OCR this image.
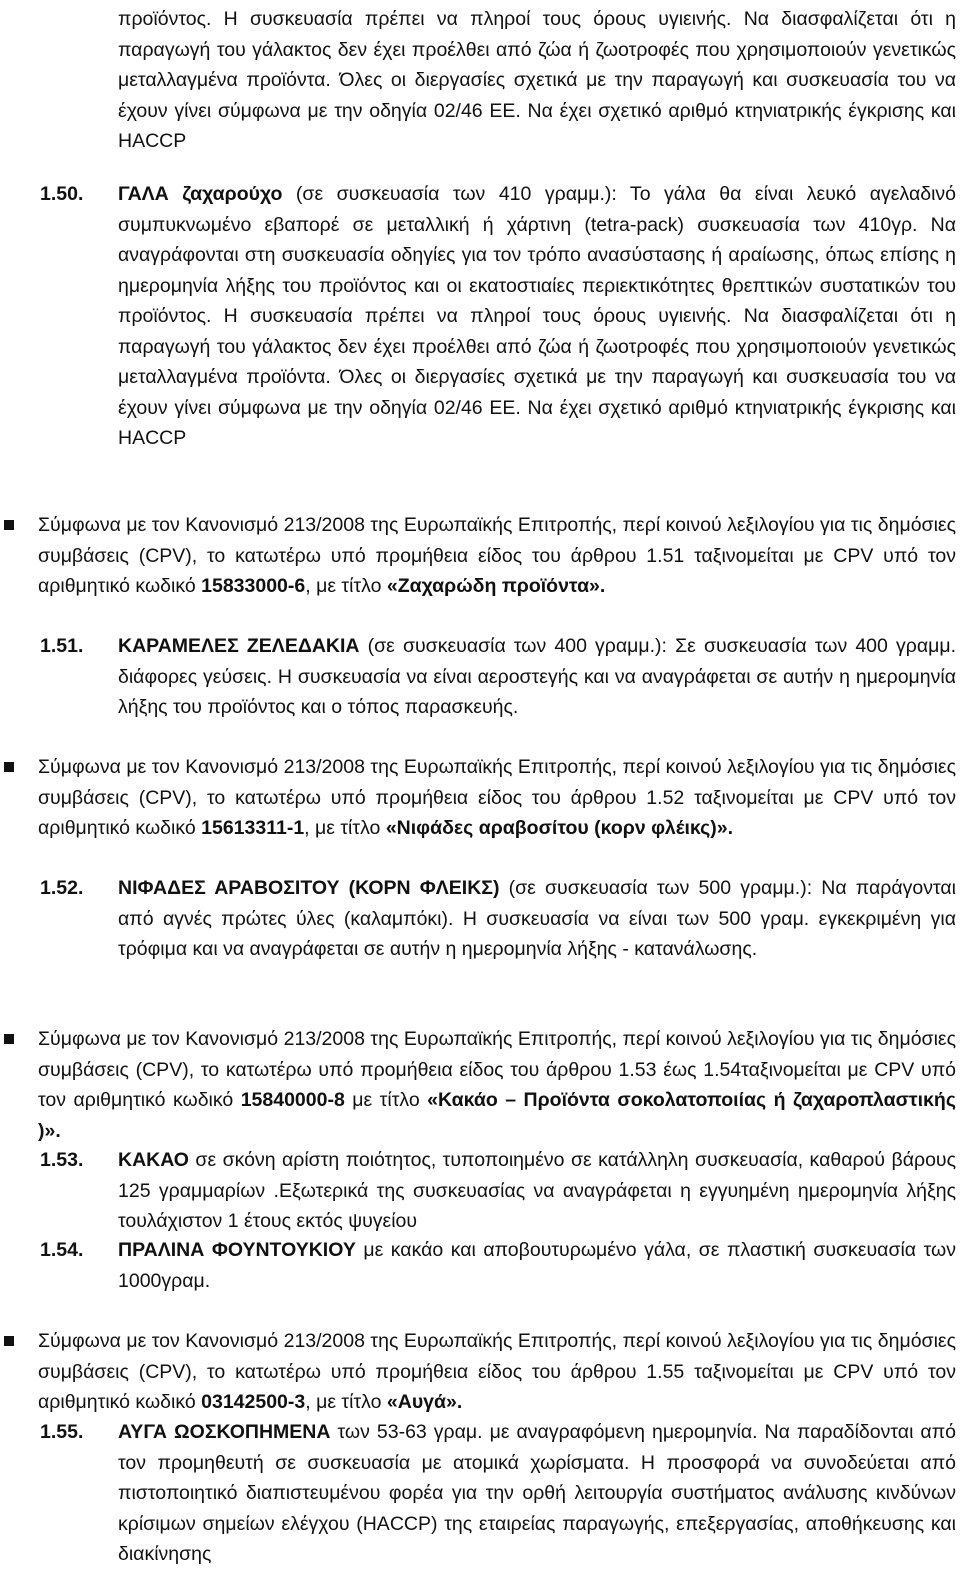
προϊόντος. Η συσκευασία πρέπει να πληροί τους όρους υγιεινής. Να διασφαλίζεται ότι η παραγωγή του γάλακτος δεν έχει προέλθει από ζώα ή ζωοτροφές που χρησιμοποιούν γενετικώς μεταλλαγμένα προϊόντα. Όλες οι διεργασίες σχετικά με την παραγωγή και συσκευασία του να έχουν γίνει σύμφωνα με την οδηγία 02/46 ΕΕ. Να έχει σχετικό αριθμό κτηνιατρικής έγκρισης και HACCP

1.50. ΓΑΛΑ ζαχαρούχο (σε συσκευασία των 410 γραμμ.): Το γάλα θα είναι λευκό αγελαδινό συμπυκνωμένο εβαπορέ σε μεταλλική ή χάρτινη (tetra-pack) συσκευασία των 410γρ. Να αναγράφονται στη συσκευασία οδηγίες για τον τρόπο ανασύστασης ή αραίωσης, όπως επίσης η ημερομηνία λήξης του προϊόντος και οι εκατοστιαίες περιεκτικότητες θρεπτικών συστατικών του προϊόντος. Η συσκευασία πρέπει να πληροί τους όρους υγιεινής. Να διασφαλίζεται ότι η παραγωγή του γάλακτος δεν έχει προέλθει από ζώα ή ζωοτροφές που χρησιμοποιούν γενετικώς μεταλλαγμένα προϊόντα. Όλες οι διεργασίες σχετικά με την παραγωγή και συσκευασία του να έχουν γίνει σύμφωνα με την οδηγία 02/46 ΕΕ. Να έχει σχετικό αριθμό κτηνιατρικής έγκρισης και HACCP

Σύμφωνα με τον Κανονισμό 213/2008 της Ευρωπαϊκής Επιτροπής, περί κοινού λεξιλογίου για τις δημόσιες συμβάσεις (CPV), το κατωτέρω υπό προμήθεια είδος του άρθρου 1.51 ταξινομείται με CPV υπό τον αριθμητικό κωδικό 15833000-6, με τίτλο «Ζαχαρώδη προϊόντα».

1.51. ΚΑΡΑΜΕΛΕΣ ΖΕΛΕΔΑΚΙΑ (σε συσκευασία των 400 γραμμ.): Σε συσκευασία των 400 γραμμ. διάφορες γεύσεις. Η συσκευασία να είναι αεροστεγής και να αναγράφεται σε αυτήν η ημερομηνία λήξης του προϊόντος και ο τόπος παρασκευής.

Σύμφωνα με τον Κανονισμό 213/2008 της Ευρωπαϊκής Επιτροπής, περί κοινού λεξιλογίου για τις δημόσιες συμβάσεις (CPV), το κατωτέρω υπό προμήθεια είδος του άρθρου 1.52 ταξινομείται με CPV υπό τον αριθμητικό κωδικό 15613311-1, με τίτλο «Νιφάδες αραβοσίτου (κορν φλέικς)».

1.52. ΝΙΦΑΔΕΣ ΑΡΑΒΟΣΙΤΟΥ (ΚΟΡΝ ΦΛΕΙΚΣ) (σε συσκευασία των 500 γραμμ.): Να παράγονται από αγνές πρώτες ύλες (καλαμπόκι). Η συσκευασία να είναι των 500 γραμ. εγκεκριμένη για τρόφιμα και να αναγράφεται σε αυτήν η ημερομηνία λήξης - κατανάλωσης.

Σύμφωνα με τον Κανονισμό 213/2008 της Ευρωπαϊκής Επιτροπής, περί κοινού λεξιλογίου για τις δημόσιες συμβάσεις (CPV), το κατωτέρω υπό προμήθεια είδος του άρθρου 1.53 έως 1.54ταξινομείται με CPV υπό τον αριθμητικό κωδικό 15840000-8 με τίτλο «Κακάο – Προϊόντα σοκολατοποιίας ή ζαχαροπλαστικής )».

1.53. ΚΑΚΑΟ σε σκόνη αρίστη ποιότητος, τυποποιημένο σε κατάλληλη συσκευασία, καθαρού βάρους 125 γραμμαρίων .Εξωτερικά της συσκευασίας να αναγράφεται η εγγυημένη ημερομηνία λήξης τουλάχιστον 1 έτους εκτός ψυγείου

1.54. ΠΡΑΛΙΝΑ ΦΟΥΝΤΟΥΚΙΟΥ με κακάο και αποβουτυρωμένο γάλα, σε πλαστική συσκευασία των 1000γραμ.

Σύμφωνα με τον Κανονισμό 213/2008 της Ευρωπαϊκής Επιτροπής, περί κοινού λεξιλογίου για τις δημόσιες συμβάσεις (CPV), το κατωτέρω υπό προμήθεια είδος του άρθρου 1.55 ταξινομείται με CPV υπό τον αριθμητικό κωδικό 03142500-3, με τίτλο «Αυγά».

1.55. ΑΥΓΑ ΩΟΣΚΟΠΗΜΕΝΑ των 53-63 γραμ. με αναγραφόμενη ημερομηνία. Να παραδίδονται από τον προμηθευτή σε συσκευασία με ατομικά χωρίσματα. Η προσφορά να συνοδεύεται από πιστοποιητικό διαπιστευμένου φορέα για την ορθή λειτουργία συστήματος ανάλυσης κινδύνων κρίσιμων σημείων ελέγχου (HACCP) της εταιρείας παραγωγής, επεξεργασίας, αποθήκευσης και διακίνησης
